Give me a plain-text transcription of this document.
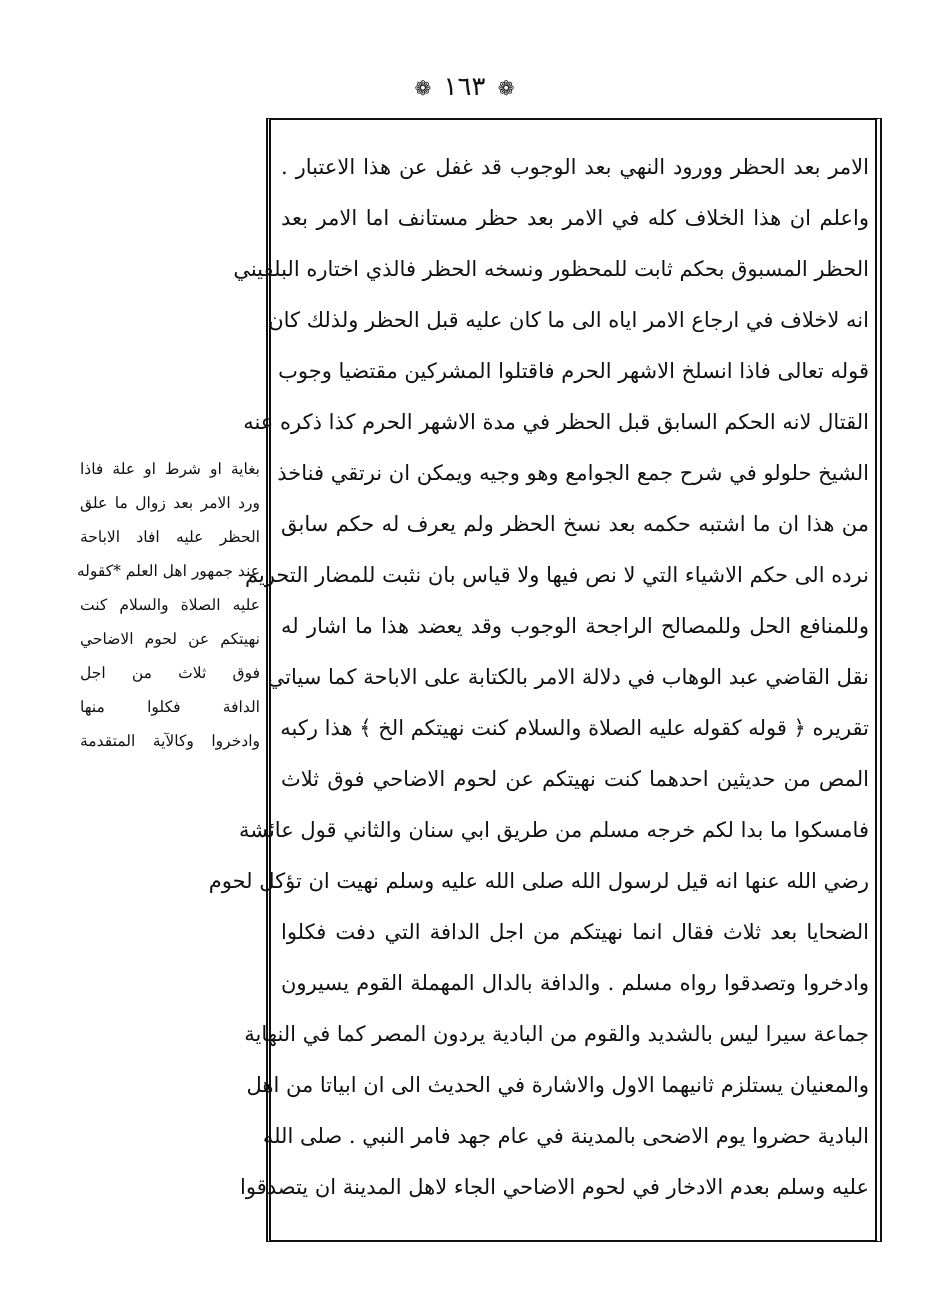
❁ ١٦٣ ❁
الامر بعد الحظر وورود النهي بعد الوجوب قد غفل عن هذا الاعتبار .
واعلم ان هذا الخلاف كله في الامر بعد حظر مستانف اما الامر بعد
الحظر المسبوق بحكم ثابت للمحظور ونسخه الحظر فالذي اختاره البلقيني
انه لاخلاف في ارجاع الامر اياه الى ما كان عليه قبل الحظر ولذلك كان
قوله تعالى فاذا انسلخ الاشهر الحرم فاقتلوا المشركين مقتضيا وجوب
القتال لانه الحكم السابق قبل الحظر في مدة الاشهر الحرم كذا ذكره عنه
الشيخ حلولو في شرح جمع الجوامع وهو وجيه ويمكن ان نرتقي فناخذ
من هذا ان ما اشتبه حكمه بعد نسخ الحظر ولم يعرف له حكم سابق
نرده الى حكم الاشياء التي لا نص فيها ولا قياس بان نثبت للمضار التحريم
وللمنافع الحل وللمصالح الراجحة الوجوب وقد يعضد هذا ما اشار له
نقل القاضي عبد الوهاب في دلالة الامر بالكتابة على الاباحة كما سياتي
تقريره ﴿ قوله كقوله عليه الصلاة والسلام كنت نهيتكم الخ ﴾ هذا ركبه
المص من حديثين احدهما كنت نهيتكم عن لحوم الاضاحي فوق ثلاث
فامسكوا ما بدا لكم خرجه مسلم من طريق ابي سنان والثاني قول عائشة
رضي الله عنها انه قيل لرسول الله صلى الله عليه وسلم نهيت ان تؤكل لحوم
الضحايا بعد ثلاث فقال انما نهيتكم من اجل الدافة التي دفت فكلوا
وادخروا وتصدقوا رواه مسلم . والدافة بالدال المهملة القوم يسيرون
جماعة سيرا ليس بالشديد والقوم من البادية يردون المصر كما في النهاية
والمعنيان يستلزم ثانيهما الاول والاشارة في الحديث الى ان ابياتا من اهل
البادية حضروا يوم الاضحى بالمدينة في عام جهد فامر النبي . صلى الله
عليه وسلم بعدم الادخار في لحوم الاضاحي الجاء لاهل المدينة ان يتصدقوا
بغاية او شرط او علة فاذا
ورد الامر بعد زوال ما علق
الحظر عليه افاد الاباحة
عند جمهور اهل العلم *كقوله
عليه الصلاة والسلام كنت
نهيتكم عن لحوم الاضاحي
فوق ثلاث من اجل
الدافة فكلوا منها
وادخروا وكالآية المتقدمة
